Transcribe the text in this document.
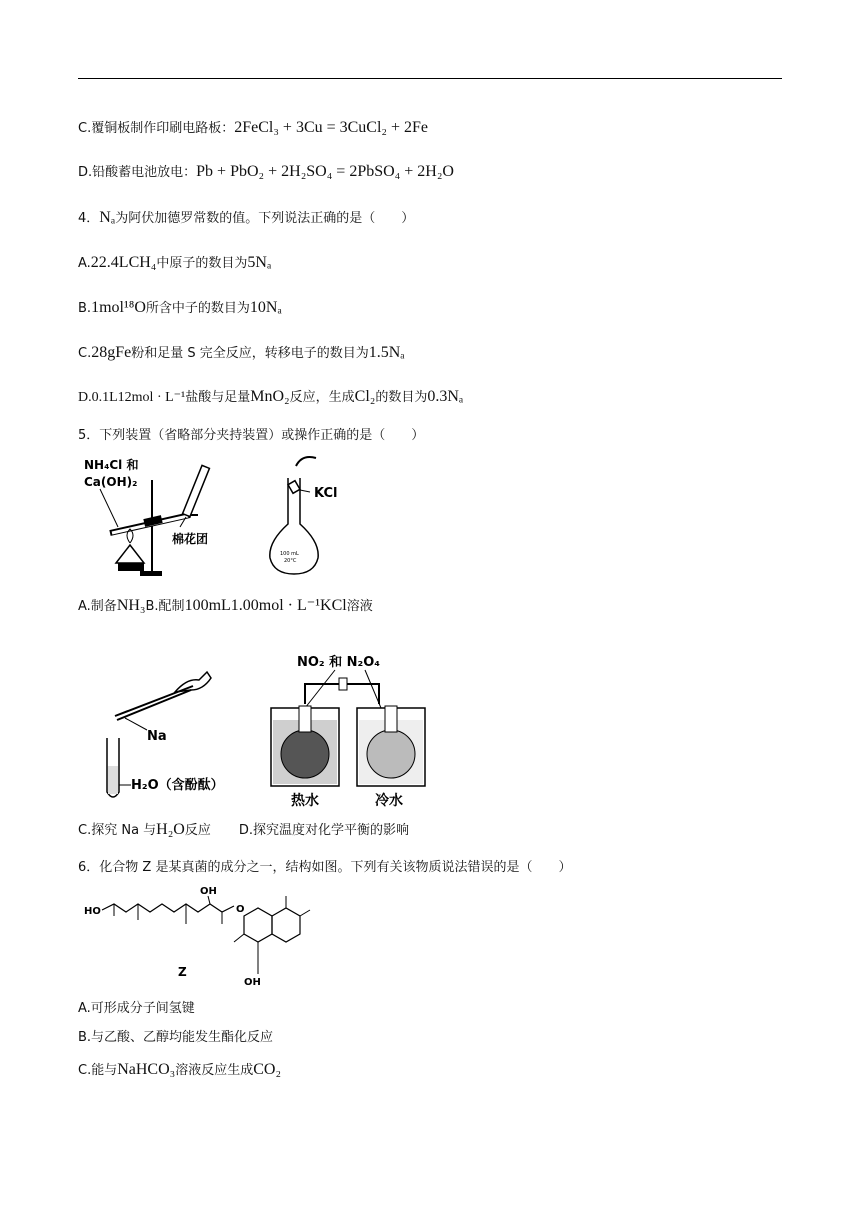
C.覆铜板制作印刷电路板：2FeCl₃ + 3Cu = 3CuCl₂ + 2Fe
D.铅酸蓄电池放电：Pb + PbO₂ + 2H₂SO₄ = 2PbSO₄ + 2H₂O
4．Nₐ为阿伏加德罗常数的值。下列说法正确的是（　　）
A.22.4LCH₄中原子的数目为5Nₐ
B.1mol¹⁸O所含中子的数目为10Nₐ
C.28gFe粉和足量 S 完全反应，转移电子的数目为1.5Nₐ
D.0.1L12mol · L⁻¹盐酸与足量MnO₂反应，生成Cl₂的数目为0.3Nₐ
5．下列装置（省略部分夹持装置）或操作正确的是（　　）
NH₄Cl 和
Ca(OH)₂
棉花团
KCl
100 mL
20°C
A.制备NH₃B.配制100mL1.00mol · L⁻¹KCl溶液
Na
H₂O（含酚酞）
NO₂ 和 N₂O₄
热水	冷水
C.探究 Na 与H₂O反应 D.探究温度对化学平衡的影响
6．化合物 Z 是某真菌的成分之一，结构如图。下列有关该物质说法错误的是（　　）
HO
OH
O
OH
Z
A.可形成分子间氢键
B.与乙酸、乙醇均能发生酯化反应
C.能与NaHCO₃溶液反应生成CO₂
